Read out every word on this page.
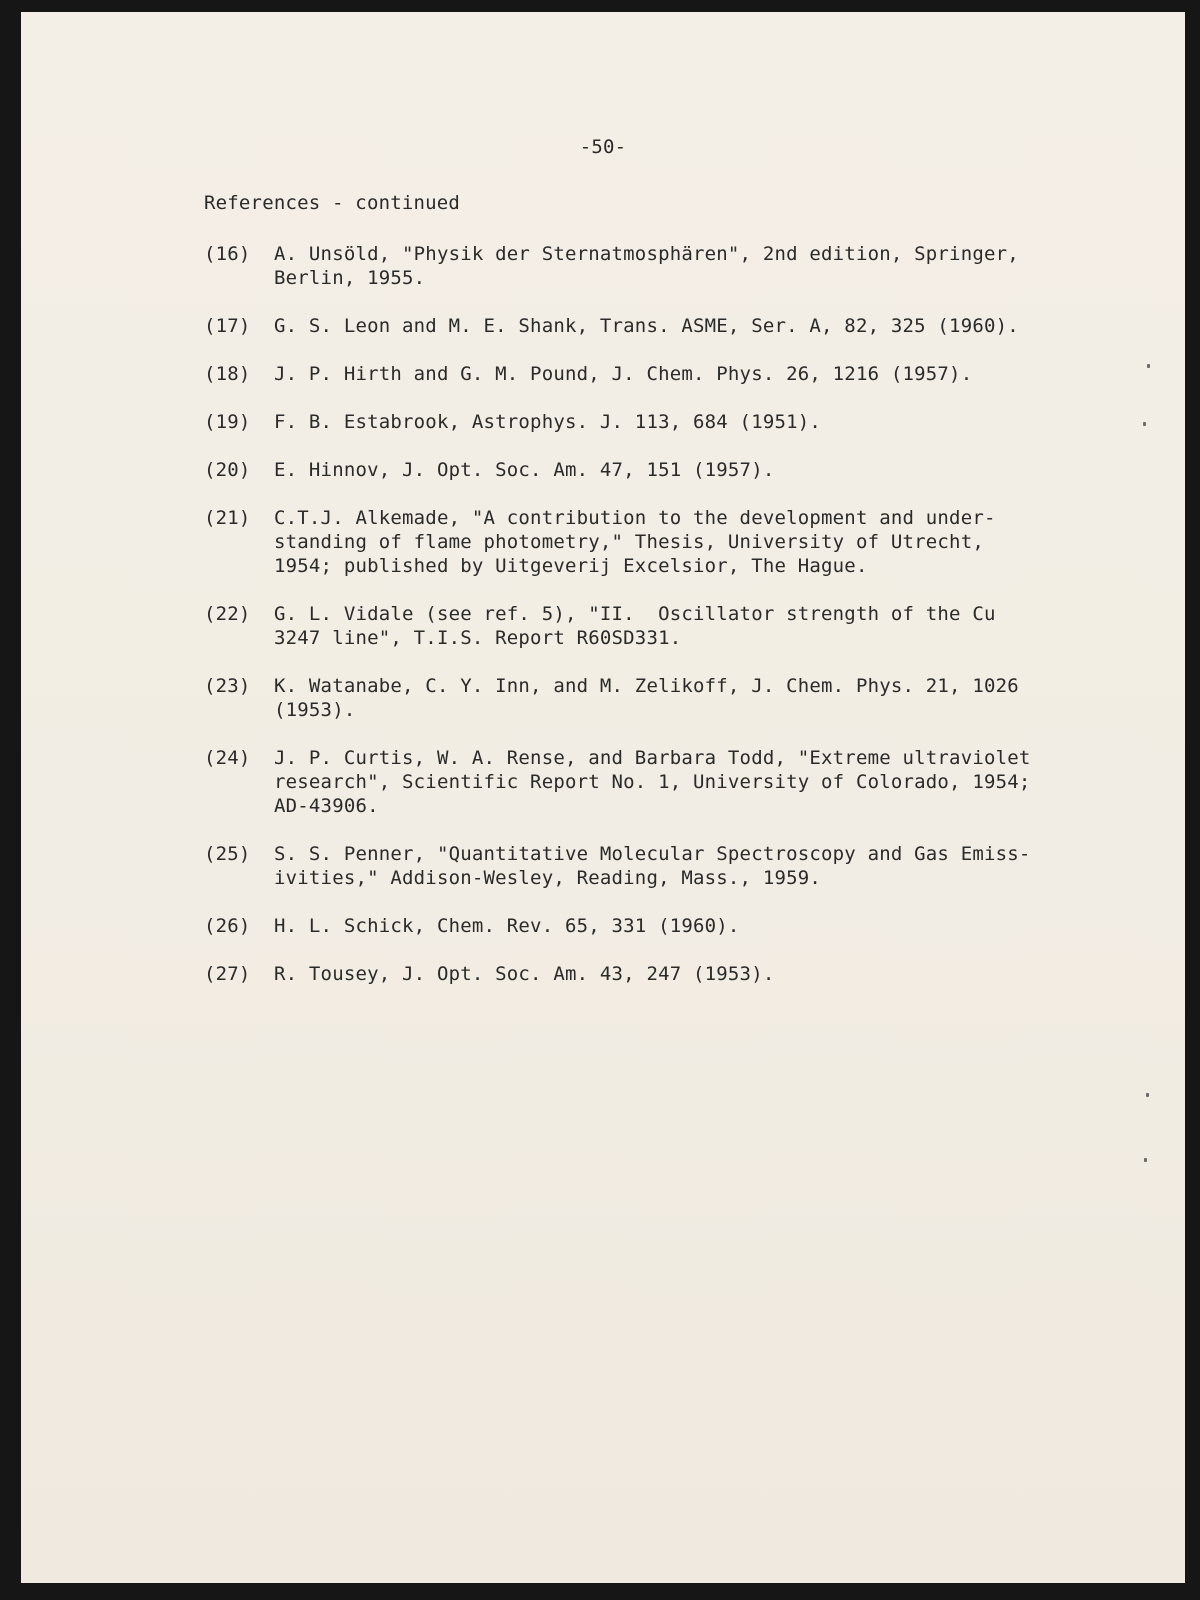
-50-
References - continued
(16)	A. Unsöld, "Physik der Sternatmosphären", 2nd edition, Springer,
Berlin, 1955.
(17)	G. S. Leon and M. E. Shank, Trans. ASME, Ser. A, 82, 325 (1960).
(18)	J. P. Hirth and G. M. Pound, J. Chem. Phys. 26, 1216 (1957).
(19)	F. B. Estabrook, Astrophys. J. 113, 684 (1951).
(20)	E. Hinnov, J. Opt. Soc. Am. 47, 151 (1957).
(21)	C.T.J. Alkemade, "A contribution to the development and under-
standing of flame photometry," Thesis, University of Utrecht,
1954; published by Uitgeverij Excelsior, The Hague.
(22)	G. L. Vidale (see ref. 5), "II.  Oscillator strength of the Cu
3247 line", T.I.S. Report R60SD331.
(23)	K. Watanabe, C. Y. Inn, and M. Zelikoff, J. Chem. Phys. 21, 1026
(1953).
(24)	J. P. Curtis, W. A. Rense, and Barbara Todd, "Extreme ultraviolet
research", Scientific Report No. 1, University of Colorado, 1954;
AD-43906.
(25)	S. S. Penner, "Quantitative Molecular Spectroscopy and Gas Emiss-
ivities," Addison-Wesley, Reading, Mass., 1959.
(26)	H. L. Schick, Chem. Rev. 65, 331 (1960).
(27)	R. Tousey, J. Opt. Soc. Am. 43, 247 (1953).
